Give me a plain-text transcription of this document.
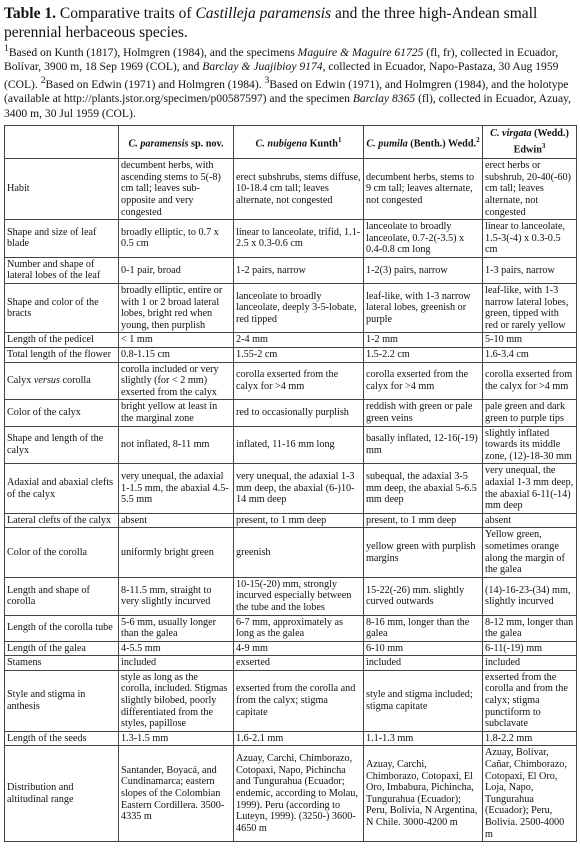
Table 1. Comparative traits of Castilleja paramensis and the three high-Andean small perennial herbaceous species.

$^1$Based on Kunth (1817), Holmgren (1984), and the specimens Maguire & Maguire 61725 (fl, fr), collected in Ecuador, Bolívar, 3900 m, 18 Sep 1969 (COL), and Barclay & Juajibioy 9174, collected in Ecuador, Napo-Pastaza, 30 Aug 1959 (COL). $^2$Based on Edwin (1971) and Holmgren (1984). $^3$Based on Edwin (1971), and Holmgren (1984), and the holotype (available at http://plants.jstor.org/specimen/p00587597) and the specimen Barclay 8365 (fl), collected in Ecuador, Azuay, 3400 m, 30 Jul 1959 (COL).

	C. paramensis sp. nov.	C. nubigena Kunth$^1$	C. pumila (Benth.) Wedd.$^2$	C. virgata (Wedd.) Edwin$^3$
Habit	decumbent herbs, with ascending stems to 5(-8) cm tall; leaves sub-opposite and very congested	erect subshrubs, stems diffuse, 10-18.4 cm tall; leaves alternate, not congested	decumbent herbs, stems to 9 cm tall; leaves alternate, not congested	erect herbs or subshrub, 20-40(-60) cm tall; leaves alternate, not congested
Shape and size of leaf blade	broadly elliptic, to 0.7 x 0.5 cm	linear to lanceolate, trifid, 1.1-2.5 x 0.3-0.6 cm	lanceolate to broadly lanceolate, 0.7-2(-3.5) x 0.4-0.8 cm long	linear to lanceolate, 1.5-3(-4) x 0.3-0.5 cm
Number and shape of lateral lobes of the leaf	0-1 pair, broad	1-2 pairs, narrow	1-2(3) pairs, narrow	1-3 pairs, narrow
Shape and color of the bracts	broadly elliptic, entire or with 1 or 2 broad lateral lobes, bright red when young, then purplish	lanceolate to broadly lanceolate, deeply 3-5-lobate, red tipped	leaf-like, with 1-3 narrow lateral lobes, greenish or purple	leaf-like, with 1-3 narrow lateral lobes, green, tipped with red or rarely yellow
Length of the pedicel	< 1 mm	2-4 mm	1-2 mm	5-10 mm
Total length of the flower	0.8-1.15 cm	1.55-2 cm	1.5-2.2 cm	1.6-3.4 cm
Calyx versus corolla	corolla included or very slightly (for < 2 mm) exserted from the calyx	corolla exserted from the calyx for >4 mm	corolla exserted from the calyx for >4 mm	corolla exserted from the calyx for >4 mm
Color of the calyx	bright yellow at least in the marginal zone	red to occasionally purplish	reddish with green or pale green veins	pale green and dark green to purple tips
Shape and length of the calyx	not inflated, 8-11 mm	inflated, 11-16 mm long	basally inflated, 12-16(-19) mm	slightly inflated towards its middle zone, (12)-18-30 mm
Adaxial and abaxial clefts of the calyx	very unequal, the adaxial 1-1.5 mm, the abaxial 4.5-5.5 mm	very unequal, the adaxial 1-3 mm deep, the abaxial (6-)10-14 mm deep	subequal, the adaxial 3-5 mm deep, the abaxial 5-6.5 mm deep	very unequal, the adaxial 1-3 mm deep, the abaxial 6-11(-14) mm deep
Lateral clefts of the calyx	absent	present, to 1 mm deep	present, to 1 mm deep	absent
Color of the corolla	uniformly bright green	greenish	yellow green with purplish margins	Yellow green, sometimes orange along the margin of the galea
Length and shape of corolla	8-11.5 mm, straight to very slightly incurved	10-15(-20) mm, strongly incurved especially between the tube and the lobes	15-22(-26) mm. slightly curved outwards	(14)-16-23-(34) mm, slightly incurved
Length of the corolla tube	5-6 mm, usually longer than the galea	6-7 mm, approximately as long as the galea	8-16 mm, longer than the galea	8-12 mm, longer than the galea
Length of the galea	4-5.5 mm	4-9 mm	6-10 mm	6-11(-19) mm
Stamens	included	exserted	included	included
Style and stigma in anthesis	style as long as the corolla, included. Stigmas slightly bilobed, poorly differentiated from the styles, papillose	exserted from the corolla and from the calyx; stigma capitate	style and stigma included; stigma capitate	exserted from the corolla and from the calyx; stigma punctiform to subclavate
Length of the seeds	1.3-1.5 mm	1.6-2.1 mm	1.1-1.3 mm	1.8-2.2 mm
Distribution and altitudinal range	Santander, Boyacá, and Cundinamarca; eastern slopes of the Colombian Eastern Cordillera. 3500-4335 m	Azuay, Carchi, Chimborazo, Cotopaxi, Napo, Pichincha and Tungurahua (Ecuador; endemic, according to Molau, 1999). Peru (according to Luteyn, 1999). (3250-) 3600-4650 m	Azuay, Carchi, Chimborazo, Cotopaxi, El Oro, Imbabura, Pichincha, Tungurahua (Ecuador); Peru, Bolivia, N Argentina, N Chile. 3000-4200 m	Azuay, Bolívar, Cañar, Chimborazo, Cotopaxi, El Oro, Loja, Napo, Tungurahua (Ecuador); Peru, Bolivia. 2500-4000 m
